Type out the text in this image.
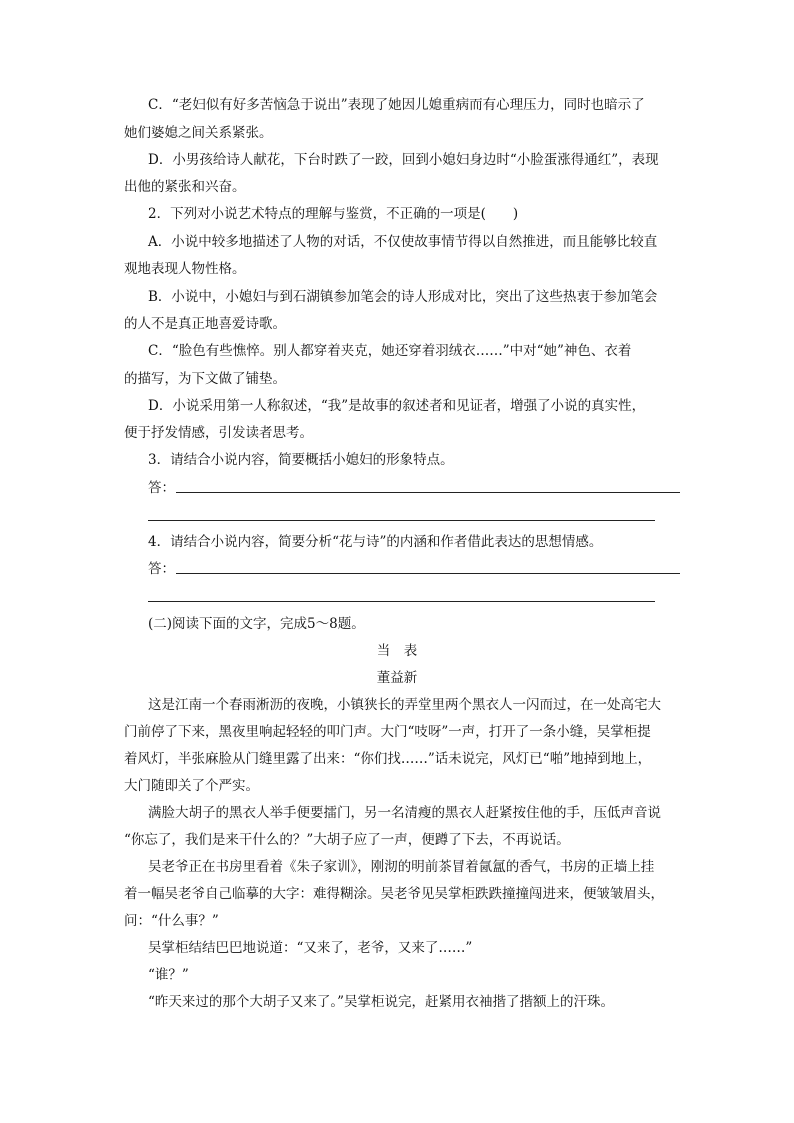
C．“老妇似有好多苦恼急于说出”表现了她因儿媳重病而有心理压力，同时也暗示了
她们婆媳之间关系紧张。
D．小男孩给诗人献花，下台时跌了一跤，回到小媳妇身边时“小脸蛋涨得通红”，表现
出他的紧张和兴奋。
2．下列对小说艺术特点的理解与鉴赏，不正确的一项是(　　)
A．小说中较多地描述了人物的对话，不仅使故事情节得以自然推进，而且能够比较直
观地表现人物性格。
B．小说中，小媳妇与到石湖镇参加笔会的诗人形成对比，突出了这些热衷于参加笔会
的人不是真正地喜爱诗歌。
C．“脸色有些憔悴。别人都穿着夹克，她还穿着羽绒衣……”中对“她”神色、衣着
的描写，为下文做了铺垫。
D．小说采用第一人称叙述，“我”是故事的叙述者和见证者，增强了小说的真实性，
便于抒发情感，引发读者思考。
3．请结合小说内容，简要概括小媳妇的形象特点。
答：
4．请结合小说内容，简要分析“花与诗”的内涵和作者借此表达的思想情感。
答：
(二)阅读下面的文字，完成5～8题。
当　表
董益新
这是江南一个春雨淅沥的夜晚，小镇狭长的弄堂里两个黑衣人一闪而过，在一处高宅大
门前停了下来，黑夜里响起轻轻的叩门声。大门“吱呀”一声，打开了一条小缝，吴掌柜提
着风灯，半张麻脸从门缝里露了出来：“你们找……”话未说完，风灯已“啪”地掉到地上，
大门随即关了个严实。
满脸大胡子的黑衣人举手便要擂门，另一名清瘦的黑衣人赶紧按住他的手，压低声音说
“你忘了，我们是来干什么的？”大胡子应了一声，便蹲了下去，不再说话。
吴老爷正在书房里看着《朱子家训》，刚沏的明前茶冒着氤氲的香气，书房的正墙上挂
着一幅吴老爷自己临摹的大字：难得糊涂。吴老爷见吴掌柜跌跌撞撞闯进来，便皱皱眉头，
问：“什么事？”
吴掌柜结结巴巴地说道：“又来了，老爷，又来了……”
“谁？”
“昨天来过的那个大胡子又来了。”吴掌柜说完，赶紧用衣袖揩了揩额上的汗珠。
